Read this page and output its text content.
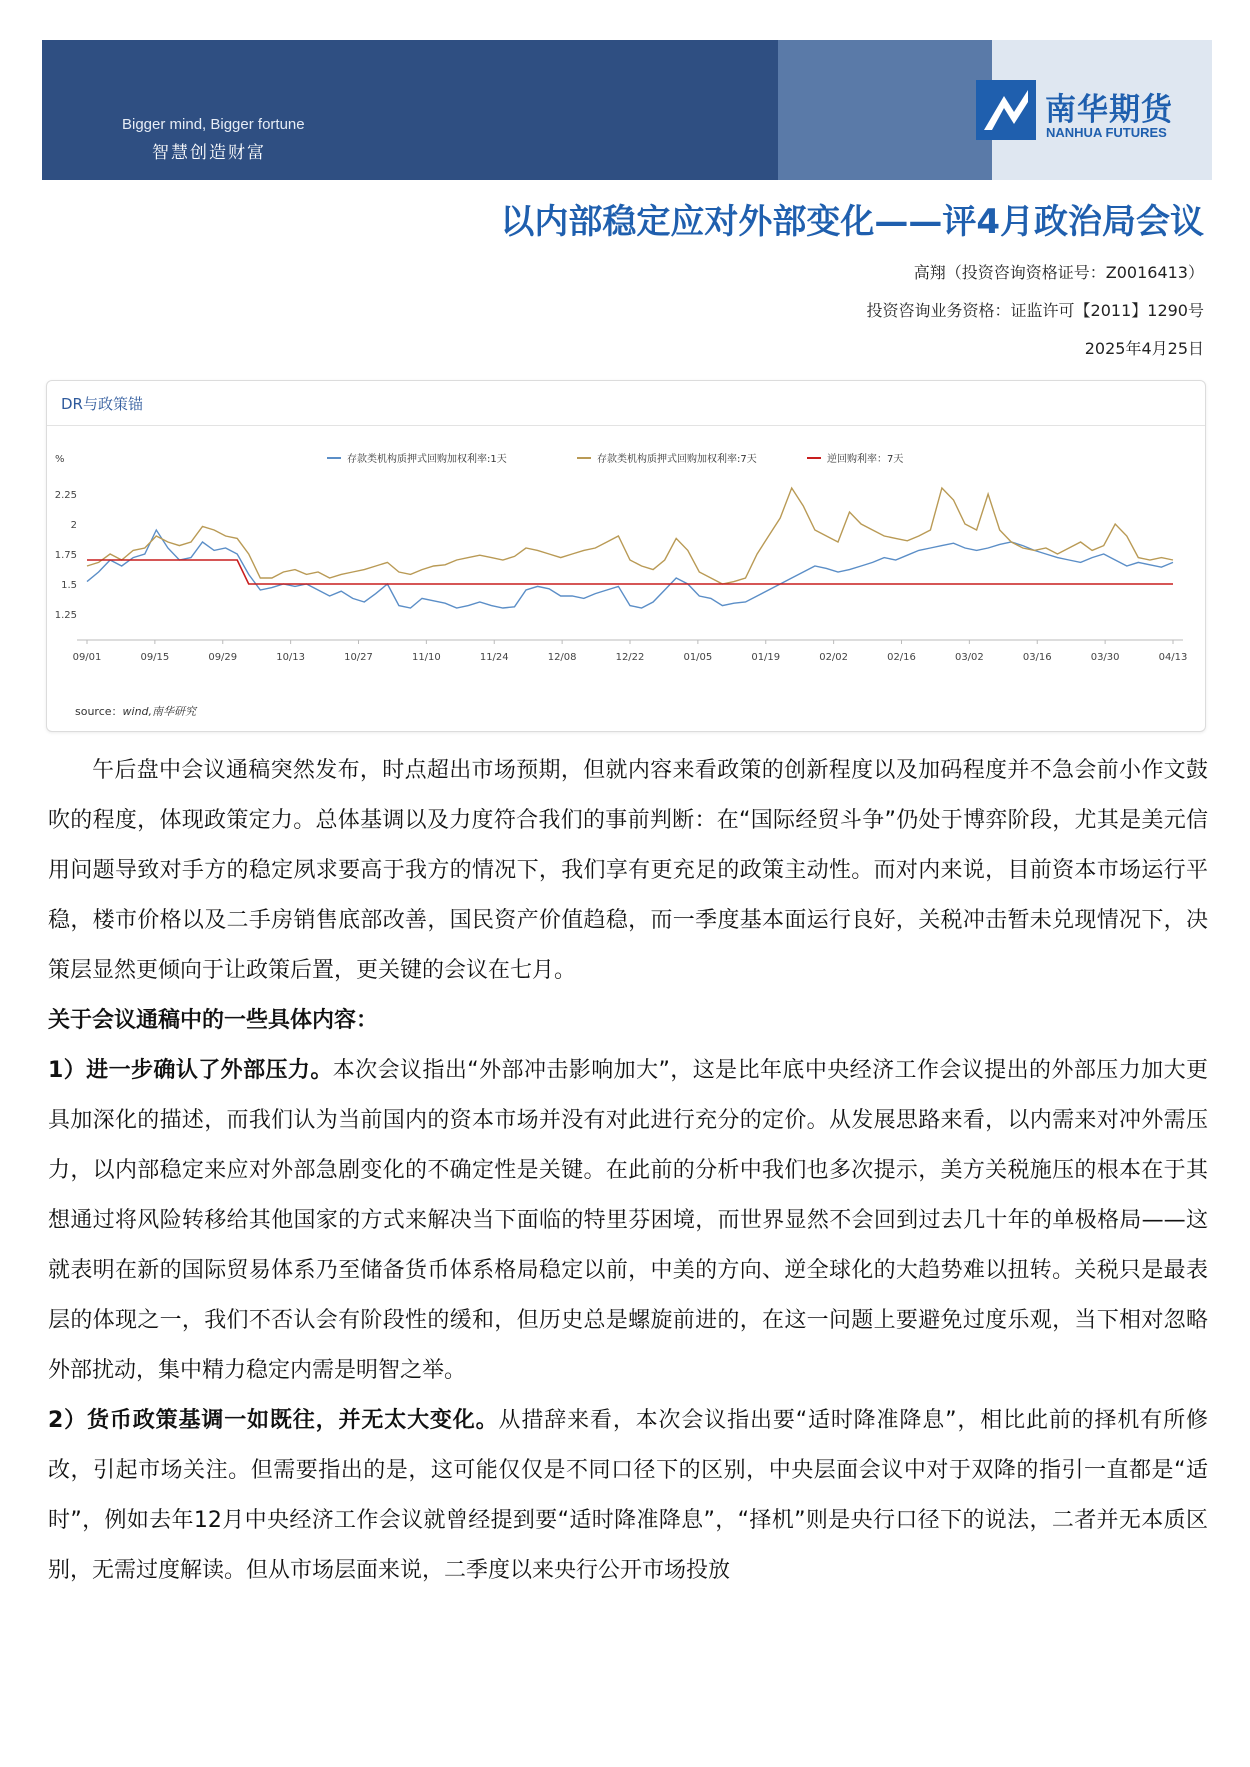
Bigger mind, Bigger fortune
智慧创造财富
南华期货
NANHUA FUTURES
以内部稳定应对外部变化——评4月政治局会议
高翔（投资咨询资格证号：Z0016413）
投资咨询业务资格：证监许可【2011】1290号
2025年4月25日
DR与政策锚
%
2.25
2
1.75
1.5
1.25
09/01	09/15	09/29	10/13	10/27	11/10	11/24	12/08	12/22	01/05	01/19	02/02	02/16	03/02	03/16	03/30	04/13
存款类机构质押式回购加权利率:1天	存款类机构质押式回购加权利率:7天	逆回购利率：7天
source：wind,南华研究

午后盘中会议通稿突然发布，时点超出市场预期，但就内容来看政策的创新程度以及加码程度并不急会前小作文鼓吹的程度，体现政策定力。总体基调以及力度符合我们的事前判断：在“国际经贸斗争”仍处于博弈阶段，尤其是美元信用问题导致对手方的稳定夙求要高于我方的情况下，我们享有更充足的政策主动性。而对内来说，目前资本市场运行平稳，楼市价格以及二手房销售底部改善，国民资产价值趋稳，而一季度基本面运行良好，关税冲击暂未兑现情况下，决策层显然更倾向于让政策后置，更关键的会议在七月。

关于会议通稿中的一些具体内容：

1）进一步确认了外部压力。本次会议指出“外部冲击影响加大”，这是比年底中央经济工作会议提出的外部压力加大更具加深化的描述，而我们认为当前国内的资本市场并没有对此进行充分的定价。从发展思路来看，以内需来对冲外需压力，以内部稳定来应对外部急剧变化的不确定性是关键。在此前的分析中我们也多次提示，美方关税施压的根本在于其想通过将风险转移给其他国家的方式来解决当下面临的特里芬困境，而世界显然不会回到过去几十年的单极格局——这就表明在新的国际贸易体系乃至储备货币体系格局稳定以前，中美的方向、逆全球化的大趋势难以扭转。关税只是最表层的体现之一，我们不否认会有阶段性的缓和，但历史总是螺旋前进的，在这一问题上要避免过度乐观，当下相对忽略外部扰动，集中精力稳定内需是明智之举。

2）货币政策基调一如既往，并无太大变化。从措辞来看，本次会议指出要“适时降准降息”，相比此前的择机有所修改，引起市场关注。但需要指出的是，这可能仅仅是不同口径下的区别，中央层面会议中对于双降的指引一直都是“适时”，例如去年12月中央经济工作会议就曾经提到要“适时降准降息”，“择机”则是央行口径下的说法，二者并无本质区别，无需过度解读。但从市场层面来说，二季度以来央行公开市场投放
